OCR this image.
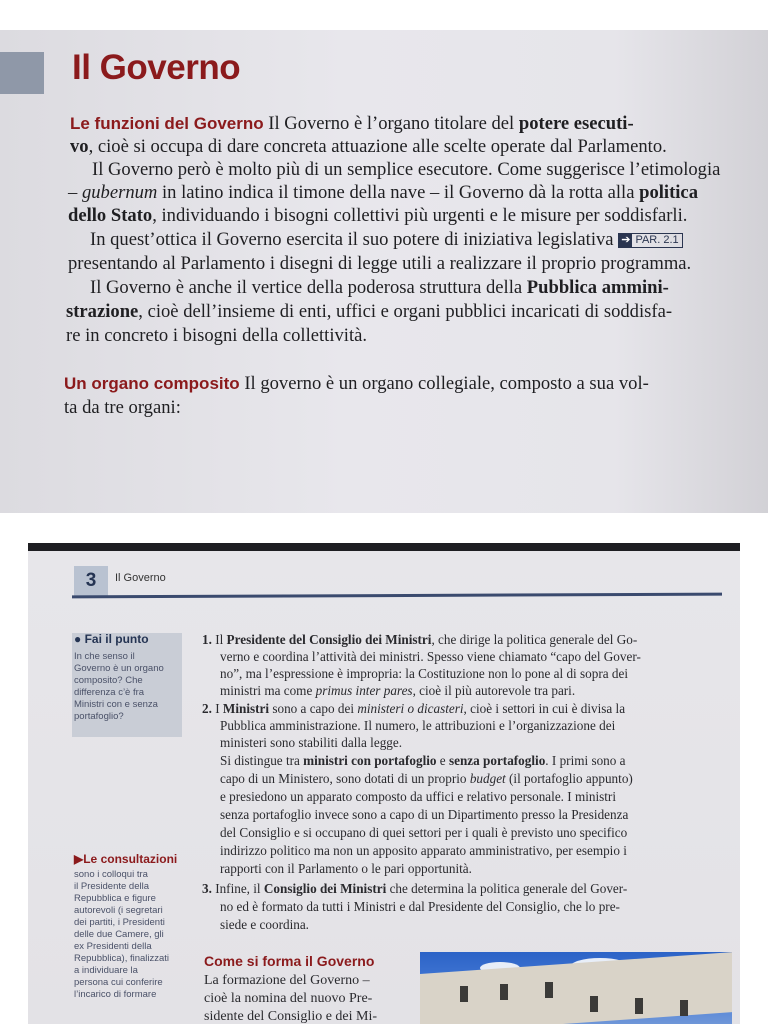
Il Governo
Le funzioni del Governo Il Governo è l’organo titolare del potere esecuti-
vo, cioè si occupa di dare concreta attuazione alle scelte operate dal Parlamento.
Il Governo però è molto più di un semplice esecutore. Come suggerisce l’etimologia
– gubernum in latino indica il timone della nave – il Governo dà la rotta alla politica
dello Stato, individuando i bisogni collettivi più urgenti e le misure per soddisfarli.
In quest’ottica il Governo esercita il suo potere di iniziativa legislativa ➔ PAR. 2.1
presentando al Parlamento i disegni di legge utili a realizzare il proprio programma.
Il Governo è anche il vertice della poderosa struttura della Pubblica ammini-
strazione, cioè dell’insieme di enti, uffici e organi pubblici incaricati di soddisfa-
re in concreto i bisogni della collettività.
Un organo composito Il governo è un organo collegiale, composto a sua vol-
ta da tre organi:
3	Il Governo
● Fai il punto
In che senso il
Governo è un organo
composito? Che
differenza c’è fra
Ministri con e senza
portafoglio?
▶Le consultazioni
sono i colloqui tra
il Presidente della
Repubblica e figure
autorevoli (i segretari
dei partiti, i Presidenti
delle due Camere, gli
ex Presidenti della
Repubblica), finalizzati
a individuare la
persona cui conferire
l’incarico di formare
1. Il Presidente del Consiglio dei Ministri, che dirige la politica generale del Go-
verno e coordina l’attività dei ministri. Spesso viene chiamato “capo del Gover-
no”, ma l’espressione è impropria: la Costituzione non lo pone al di sopra dei
ministri ma come primus inter pares, cioè il più autorevole tra pari.
2. I Ministri sono a capo dei ministeri o dicasteri, cioè i settori in cui è divisa la
Pubblica amministrazione. Il numero, le attribuzioni e l’organizzazione dei
ministeri sono stabiliti dalla legge.
Si distingue tra ministri con portafoglio e senza portafoglio. I primi sono a
capo di un Ministero, sono dotati di un proprio budget (il portafoglio appunto)
e presiedono un apparato composto da uffici e relativo personale. I ministri
senza portafoglio invece sono a capo di un Dipartimento presso la Presidenza
del Consiglio e si occupano di quei settori per i quali è previsto uno specifico
indirizzo politico ma non un apposito apparato amministrativo, per esempio i
rapporti con il Parlamento o le pari opportunità.
3. Infine, il Consiglio dei Ministri che determina la politica generale del Gover-
no ed è formato da tutti i Ministri e dal Presidente del Consiglio, che lo pre-
siede e coordina.
Come si forma il Governo
La formazione del Governo –
cioè la nomina del nuovo Pre-
sidente del Consiglio e dei Mi-
